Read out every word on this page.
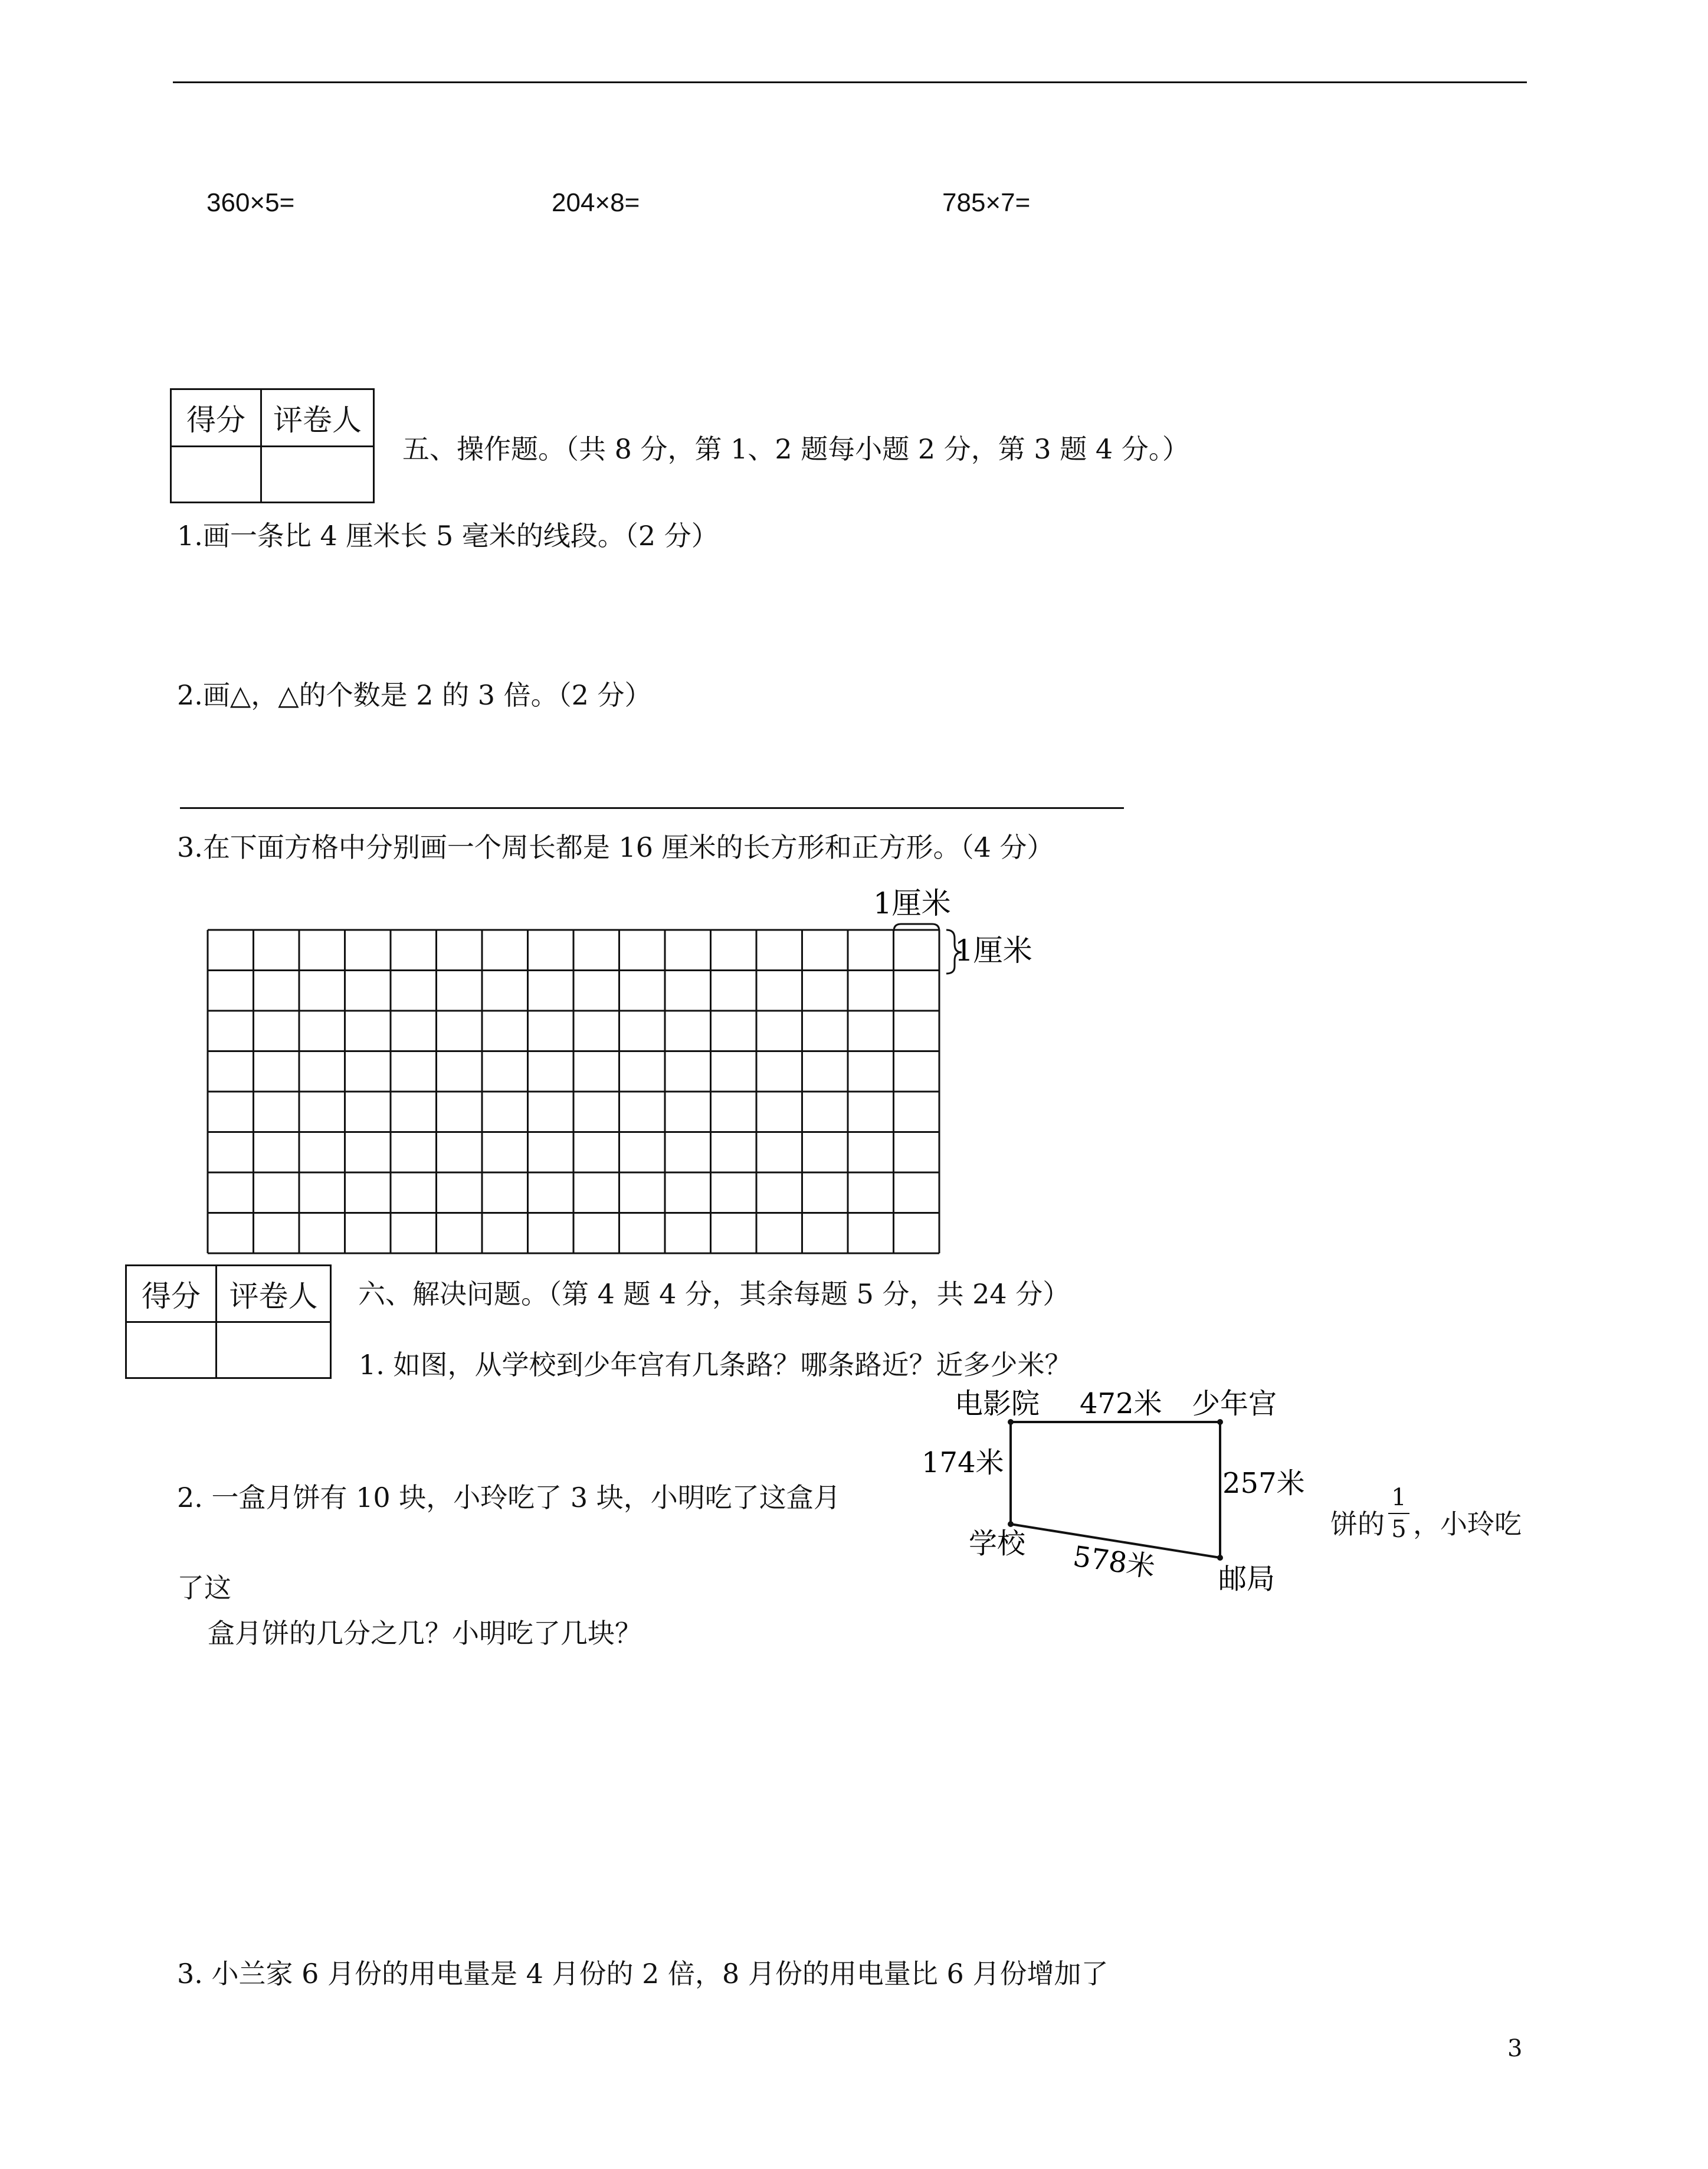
360×5=	204×8=	785×7=
得分	评卷人

五、操作题。（共 8 分，第 1、2 题每小题 2 分，第 3 题 4 分。）
1.画一条比 4 厘米长 5 毫米的线段。（2 分）
2.画△，△的个数是 2 的 3 倍。（2 分）
3.在下面方格中分别画一个周长都是 16 厘米的长方形和正方形。（4 分）
1厘米
1厘米
得分	评卷人
	六、解决问题。（第 4 题 4 分，其余每题 5 分，共 24 分）
1. 如图，从学校到少年宫有几条路？哪条路近？近多少米？
电影院 472米 少年宫
174米
257米
学校 578米 邮局
2. 一盒月饼有 10 块，小玲吃了 3 块，小明吃了这盒月
饼的
1
5 ，小玲吃
了这
盒月饼的几分之几？小明吃了几块？
3. 小兰家 6 月份的用电量是 4 月份的 2 倍，8 月份的用电量比 6 月份增加了
3
